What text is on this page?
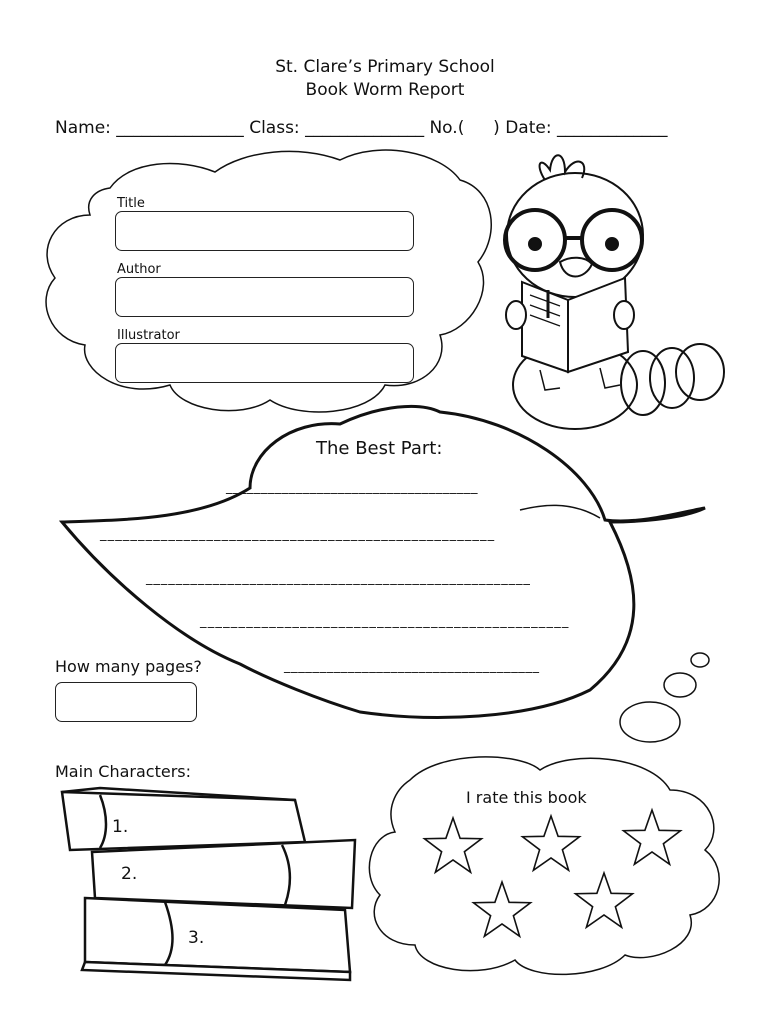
St. Clare’s Primary School
Book Worm Report
Name: _______________ Class: ______________ No.( ) Date: _____________
Title
Author
Illustrator
The Best Part:
____________________________________
____________________________________________________
____________________________________________________
________________________________________________
____________________________________
How many pages?
Main Characters:
1.
2.
3.
I rate this book
